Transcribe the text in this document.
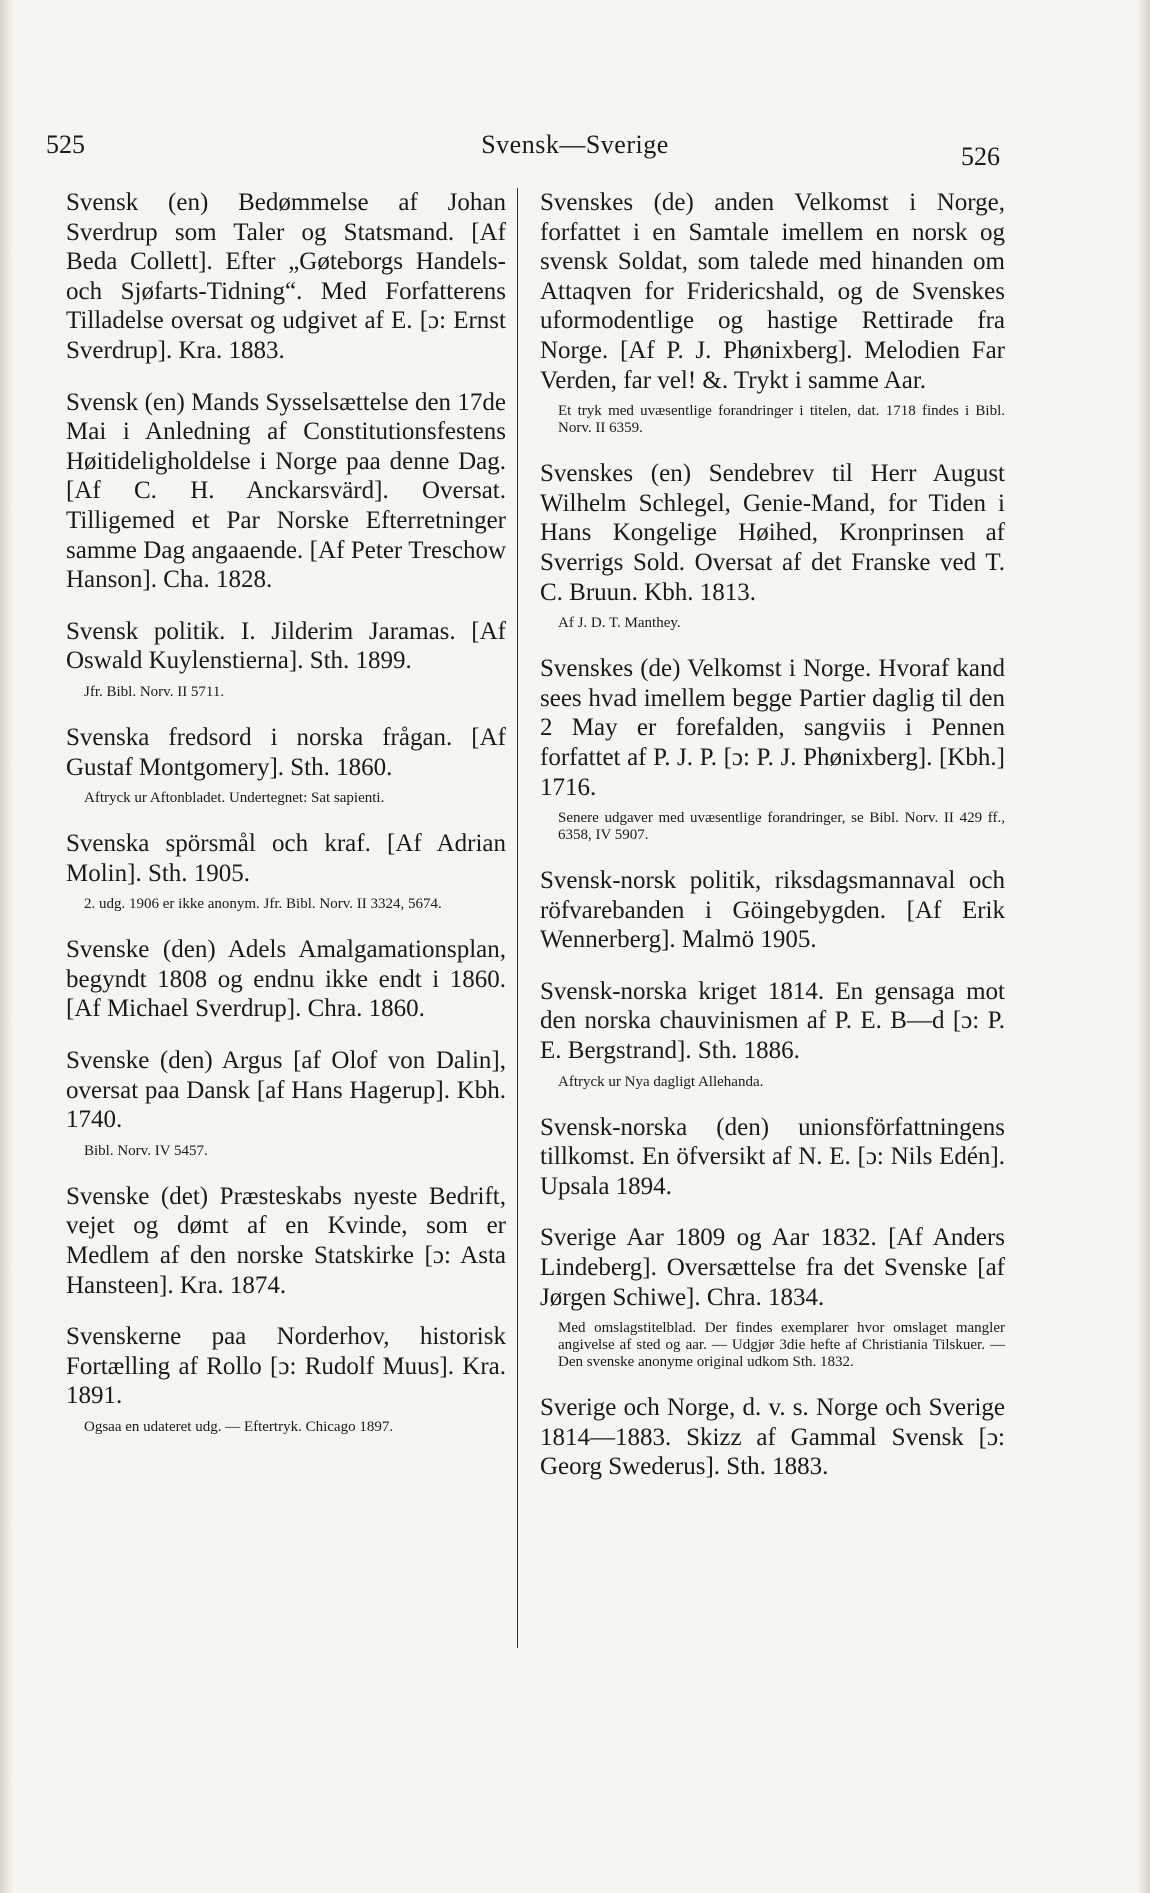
525	Svensk—Sverige	526
Svensk (en) Bedømmelse af Johan Sverdrup som Taler og Statsmand. [Af Beda Collett]. Efter „Gøteborgs Handels- och Sjøfarts-Tidning“. Med Forfatterens Tilladelse oversat og udgivet af E. [ɔ: Ernst Sverdrup]. Kra. 1883.
Svensk (en) Mands Sysselsættelse den 17de Mai i Anledning af Constitutionsfestens Høitideligholdelse i Norge paa denne Dag. [Af C. H. Anckarsvärd]. Oversat. Tilligemed et Par Norske Efterretninger samme Dag angaaende. [Af Peter Treschow Hanson]. Cha. 1828.
Svensk politik. I. Jilderim Jaramas. [Af Oswald Kuylenstierna]. Sth. 1899.
Jfr. Bibl. Norv. II 5711.
Svenska fredsord i norska frågan. [Af Gustaf Montgomery]. Sth. 1860.
Aftryck ur Aftonbladet. Undertegnet: Sat sapienti.
Svenska spörsmål och kraf. [Af Adrian Molin]. Sth. 1905.
2. udg. 1906 er ikke anonym. Jfr. Bibl. Norv. II 3324, 5674.
Svenske (den) Adels Amalgamationsplan, begyndt 1808 og endnu ikke endt i 1860. [Af Michael Sverdrup]. Chra. 1860.
Svenske (den) Argus [af Olof von Dalin], oversat paa Dansk [af Hans Hagerup]. Kbh. 1740.
Bibl. Norv. IV 5457.
Svenske (det) Præsteskabs nyeste Bedrift, vejet og dømt af en Kvinde, som er Medlem af den norske Statskirke [ɔ: Asta Hansteen]. Kra. 1874.
Svenskerne paa Norderhov, historisk Fortælling af Rollo [ɔ: Rudolf Muus]. Kra. 1891.
Ogsaa en udateret udg. — Eftertryk. Chicago 1897.
Svenskes (de) anden Velkomst i Norge, forfattet i en Samtale imellem en norsk og svensk Soldat, som talede med hinanden om Attaqven for Fridericshald, og de Svenskes uformodentlige og hastige Rettirade fra Norge. [Af P. J. Phønixberg]. Melodien Far Verden, far vel! &. Trykt i samme Aar.
Et tryk med uvæsentlige forandringer i titelen, dat. 1718 findes i Bibl. Norv. II 6359.
Svenskes (en) Sendebrev til Herr August Wilhelm Schlegel, Genie-Mand, for Tiden i Hans Kongelige Høihed, Kronprinsen af Sverrigs Sold. Oversat af det Franske ved T. C. Bruun. Kbh. 1813.
Af J. D. T. Manthey.
Svenskes (de) Velkomst i Norge. Hvoraf kand sees hvad imellem begge Partier daglig til den 2 May er forefalden, sangviis i Pennen forfattet af P. J. P. [ɔ: P. J. Phønixberg]. [Kbh.] 1716.
Senere udgaver med uvæsentlige forandringer, se Bibl. Norv. II 429 ff., 6358, IV 5907.
Svensk-norsk politik, riksdagsmannaval och röfvarebanden i Göingebygden. [Af Erik Wennerberg]. Malmö 1905.
Svensk-norska kriget 1814. En gensaga mot den norska chauvinismen af P. E. B—d [ɔ: P. E. Bergstrand]. Sth. 1886.
Aftryck ur Nya dagligt Allehanda.
Svensk-norska (den) unionsförfattningens tillkomst. En öfversikt af N. E. [ɔ: Nils Edén]. Upsala 1894.
Sverige Aar 1809 og Aar 1832. [Af Anders Lindeberg]. Oversættelse fra det Svenske [af Jørgen Schiwe]. Chra. 1834.
Med omslagstitelblad. Der findes exemplarer hvor omslaget mangler angivelse af sted og aar. — Udgjør 3die hefte af Christiania Tilskuer. — Den svenske anonyme original udkom Sth. 1832.
Sverige och Norge, d. v. s. Norge och Sverige 1814—1883. Skizz af Gammal Svensk [ɔ: Georg Swederus]. Sth. 1883.
